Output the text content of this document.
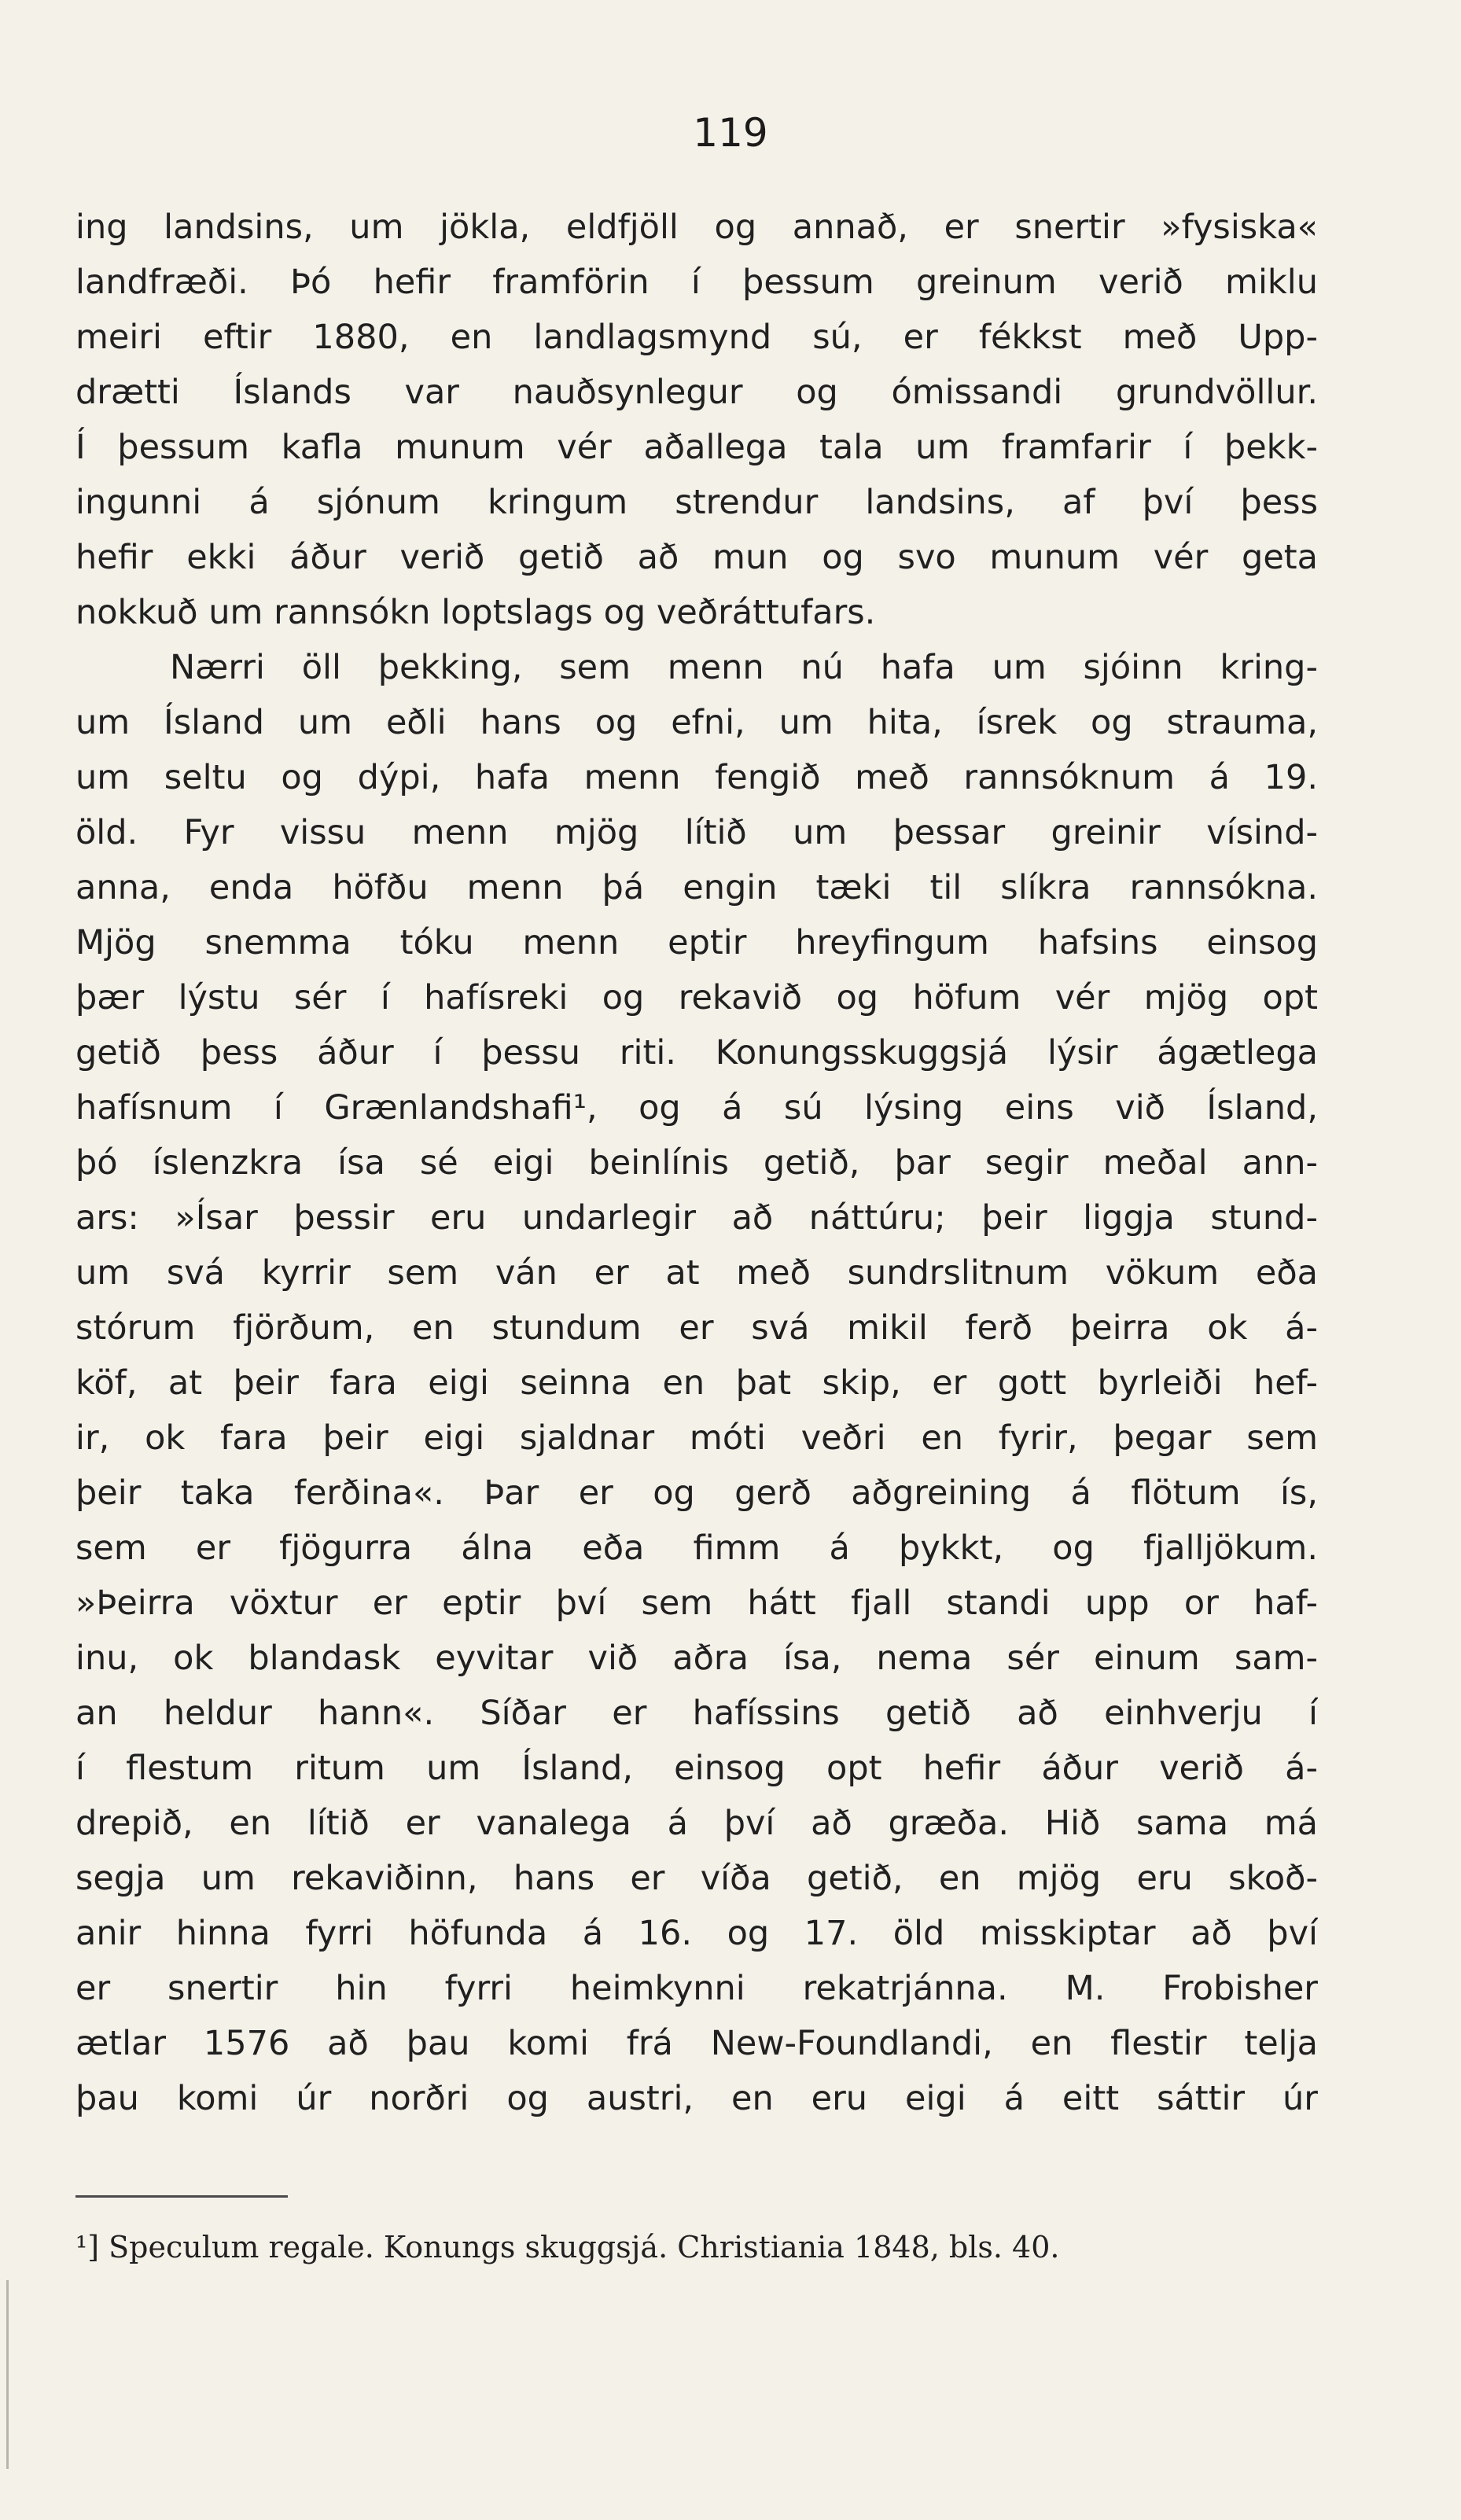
119

ing landsins, um jökla, eldfjöll og annað, er snertir »fysiska«
landfræði. Þó hefir framförin í þessum greinum verið miklu
meiri eftir 1880, en landlagsmynd sú, er fékkst með Upp-
drætti Íslands var nauðsynlegur og ómissandi grundvöllur.
Í þessum kafla munum vér aðallega tala um framfarir í þekk-
ingunni á sjónum kringum strendur landsins, af því þess
hefir ekki áður verið getið að mun og svo munum vér geta
nokkuð um rannsókn loptslags og veðráttufars.
Nærri öll þekking, sem menn nú hafa um sjóinn kring-
um Ísland um eðli hans og efni, um hita, ísrek og strauma,
um seltu og dýpi, hafa menn fengið með rannsóknum á 19.
öld. Fyr vissu menn mjög lítið um þessar greinir vísind-
anna, enda höfðu menn þá engin tæki til slíkra rannsókna.
Mjög snemma tóku menn eptir hreyfingum hafsins einsog
þær lýstu sér í hafísreki og rekavið og höfum vér mjög opt
getið þess áður í þessu riti. Konungsskuggsjá lýsir ágætlega
hafísnum í Grænlandshafi¹, og á sú lýsing eins við Ísland,
þó íslenzkra ísa sé eigi beinlínis getið, þar segir meðal ann-
ars: »Ísar þessir eru undarlegir að náttúru; þeir liggja stund-
um svá kyrrir sem ván er at með sundrslitnum vökum eða
stórum fjörðum, en stundum er svá mikil ferð þeirra ok á-
köf, at þeir fara eigi seinna en þat skip, er gott byrleiði hef-
ir, ok fara þeir eigi sjaldnar móti veðri en fyrir, þegar sem
þeir taka ferðina«. Þar er og gerð aðgreining á flötum ís,
sem er fjögurra álna eða fimm á þykkt, og fjalljökum.
»Þeirra vöxtur er eptir því sem hátt fjall standi upp or haf-
inu, ok blandask eyvitar við aðra ísa, nema sér einum sam-
an heldur hann«. Síðar er hafíssins getið að einhverju í
í flestum ritum um Ísland, einsog opt hefir áður verið á-
drepið, en lítið er vanalega á því að græða. Hið sama má
segja um rekaviðinn, hans er víða getið, en mjög eru skoð-
anir hinna fyrri höfunda á 16. og 17. öld misskiptar að því
er snertir hin fyrri heimkynni rekatrjánna. M. Frobisher
ætlar 1576 að þau komi frá New-Foundlandi, en flestir telja
þau komi úr norðri og austri, en eru eigi á eitt sáttir úr

¹] Speculum regale. Konungs skuggsjá. Christiania 1848, bls. 40.
